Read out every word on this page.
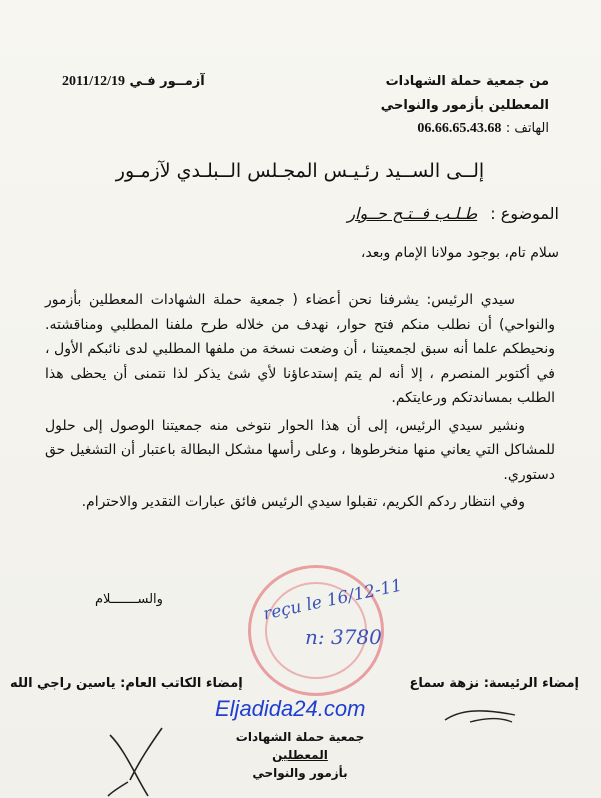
من جمعية حملة الشهادات
المعطلين بأزمور والنواحي
الهاتف : 06.66.65.43.68
آزمــور فـي 2011/12/19
إلــى الســيد رئـيـس المجـلس الــبلـدي لآزمـور
الموضوع : طـلـب فــتـح حــوار
سلام تام، بوجود مولانا الإمام وبعد،

سيدي الرئيس: يشرفنا نحن أعضاء ( جمعية حملة الشهادات المعطلين بأزمور والنواحي) أن نطلب منكم فتح حوار، نهدف من خلاله طرح ملفنا المطلبي ومناقشته. ونحيطكم علما أنه سبق لجمعيتنا ، أن وضعت نسخة من ملفها المطلبي لدى نائبكم الأول ، في أكتوبر المنصرم ، إلا أنه لم يتم إستدعاؤنا لأي شئ يذكر لذا نتمنى أن يحظى هذا الطلب بمساندتكم ورعايتكم.

ونشير سيدي الرئيس، إلى أن هذا الحوار نتوخى منه جمعيتنا الوصول إلى حلول للمشاكل التي يعاني منها منخرطوها ، وعلى رأسها مشكل البطالة باعتبار أن التشغيل حق دستوري.

وفي انتظار ردكم الكريم، تقبلوا سيدي الرئيس فائق عبارات التقدير والاحترام.

والســـــــلام	reçu le 16/12-11
n: 3780
إمضاء الرئيسة: نزهة سماع
إمضاء الكاتب العام: ياسين راجي الله
Eljadida24.com
جمعية حملة الشهادات
المعطلين
بأزمور والنواحي
